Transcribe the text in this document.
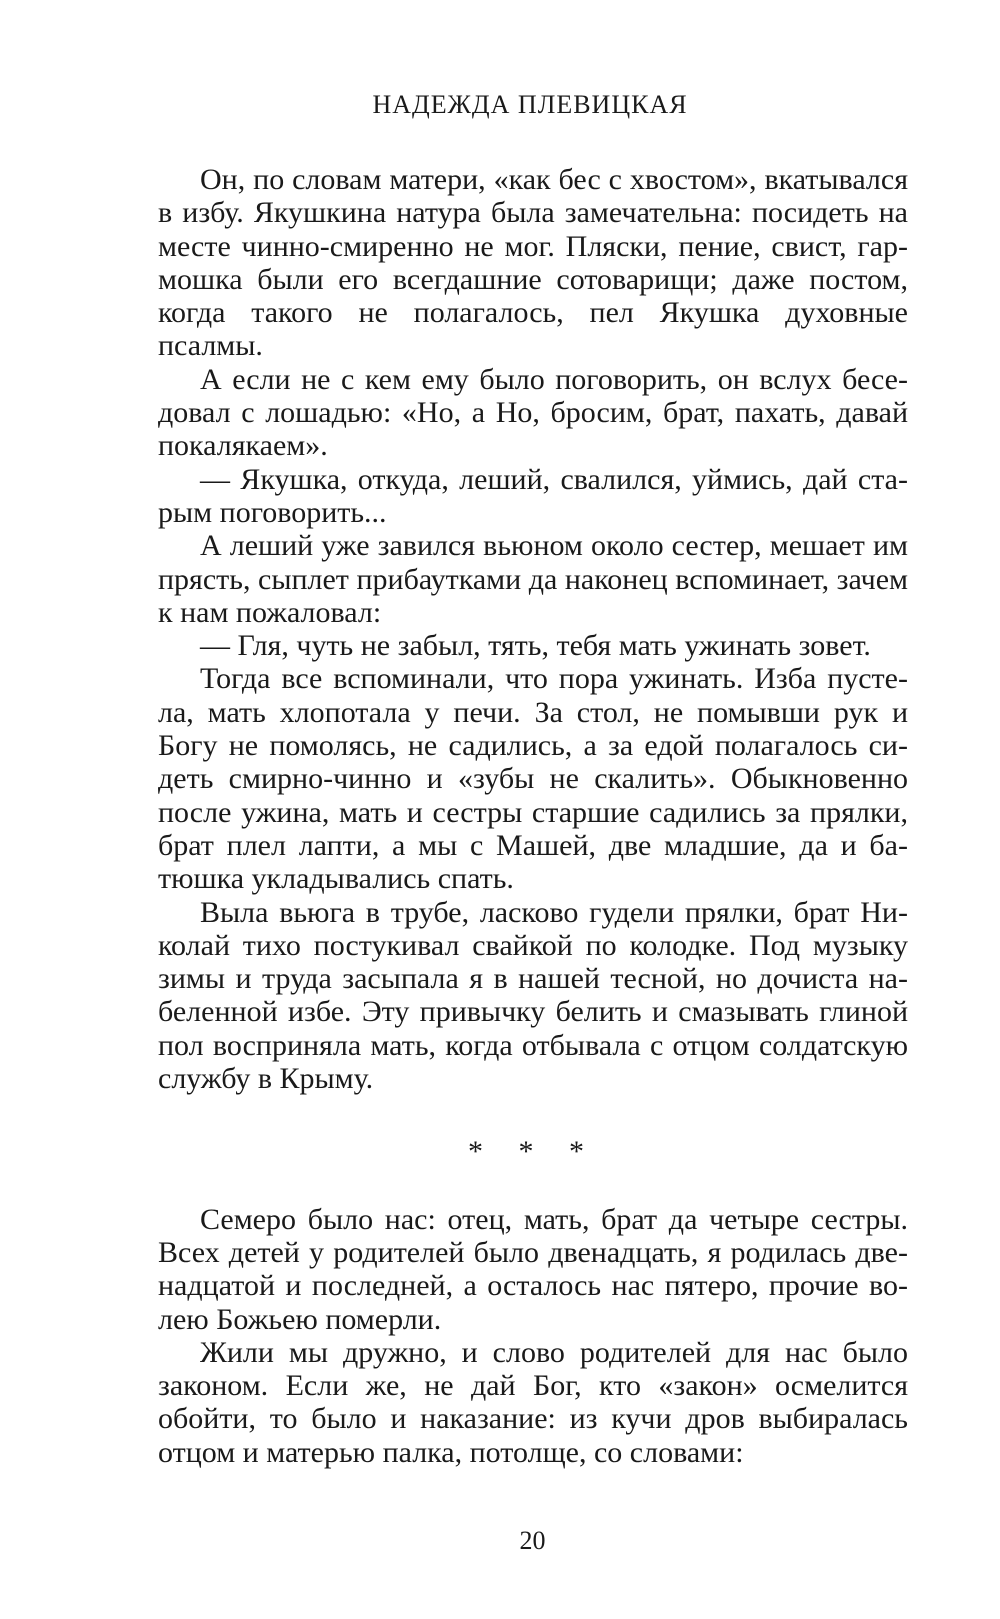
НАДЕЖДА ПЛЕВИЦКАЯ

Он, по словам матери, «как бес с хвостом», вкатывался в избу. Якушкина натура была замечательна: посидеть на месте чинно-смиренно не мог. Пляски, пение, свист, гармошка были его всегдашние сотоварищи; даже постом, когда такого не полагалось, пел Якушка духовные псалмы.

А если не с кем ему было поговорить, он вслух беседовал с лошадью: «Но, а Но, бросим, брат, пахать, давай покалякаем».

— Якушка, откуда, леший, свалился, уймись, дай старым поговорить...

А леший уже завился вьюном около сестер, мешает им прясть, сыплет прибаутками да наконец вспоминает, зачем к нам пожаловал:

— Гля, чуть не забыл, тять, тебя мать ужинать зовет.

Тогда все вспоминали, что пора ужинать. Изба пустела, мать хлопотала у печи. За стол, не помывши рук и Богу не помолясь, не садились, а за едой полагалось сидеть смирно-чинно и «зубы не скалить». Обыкновенно после ужина, мать и сестры старшие садились за прялки, брат плел лапти, а мы с Машей, две младшие, да и батюшка укладывались спать.

Выла вьюга в трубе, ласково гудели прялки, брат Николай тихо постукивал свайкой по колодке. Под музыку зимы и труда засыпала я в нашей тесной, но дочиста набеленной избе. Эту привычку белить и смазывать глиной пол восприняла мать, когда отбывала с отцом солдатскую службу в Крыму.

* * *

Семеро было нас: отец, мать, брат да четыре сестры. Всех детей у родителей было двенадцать, я родилась двенадцатой и последней, а осталось нас пятеро, прочие волею Божьею померли.

Жили мы дружно, и слово родителей для нас было законом. Если же, не дай Бог, кто «закон» осмелится обойти, то было и наказание: из кучи дров выбиралась отцом и матерью палка, потолще, со словами:

20
